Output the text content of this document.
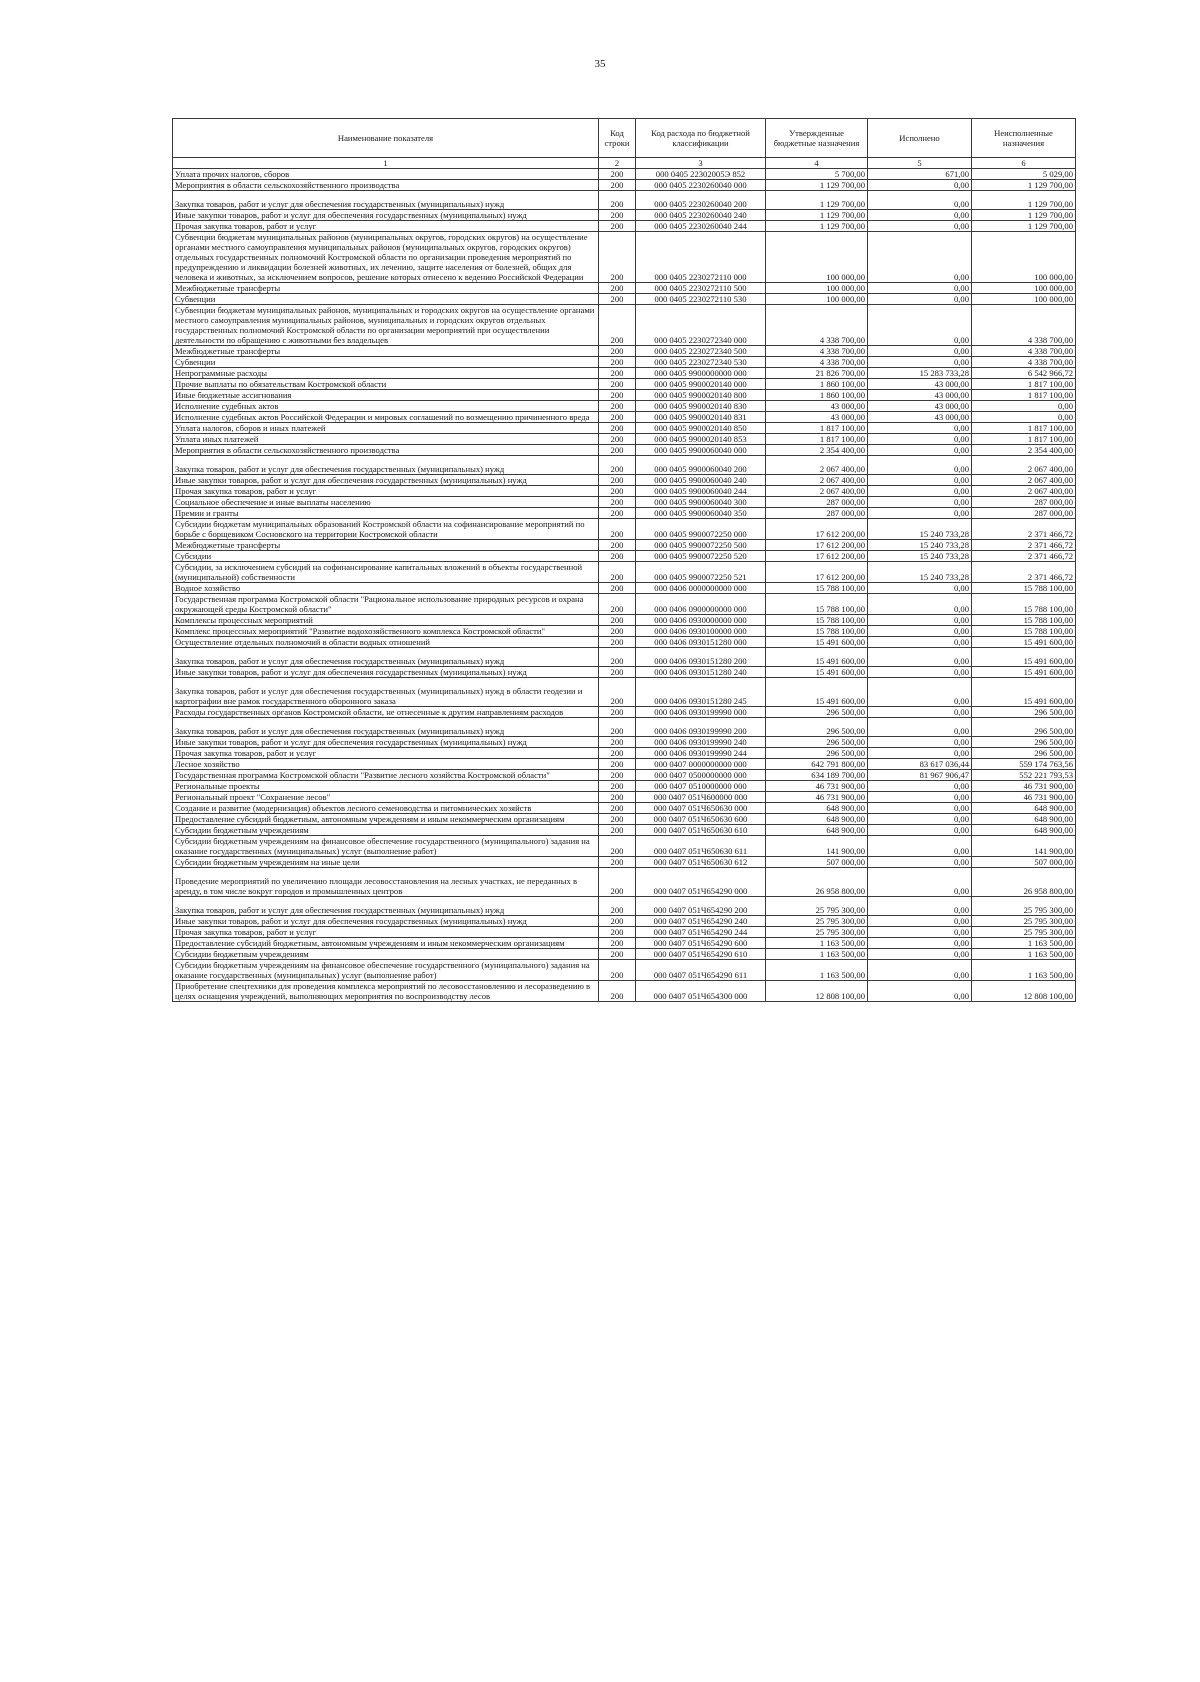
35
Наименование показателя	Код строки	Код расхода по бюджетной классификации	Утвержденные бюджетные назначения	Исполнено	Неисполненные назначения
1	2	3	4	5	6
Уплата прочих налогов, сборов	200	000 0405 22302005Э 852	5 700,00	671,00	5 029,00
Мероприятия в области сельскохозяйственного производства	200	000 0405 2230260040 000	1 129 700,00	0,00	1 129 700,00
Закупка товаров, работ и услуг для обеспечения государственных (муниципальных) нужд	200	000 0405 2230260040 200	1 129 700,00	0,00	1 129 700,00
Иные закупки товаров, работ и услуг для обеспечения государственных (муниципальных) нужд	200	000 0405 2230260040 240	1 129 700,00	0,00	1 129 700,00
Прочая закупка товаров, работ и услуг	200	000 0405 2230260040 244	1 129 700,00	0,00	1 129 700,00
Субвенции бюджетам муниципальных районов (муниципальных округов, городских округов) на осуществление органами местного самоуправления муниципальных районов (муниципальных округов, городских округов) отдельных государственных полномочий Костромской области по организации проведения мероприятий по предупреждению и ликвидации болезней животных, их лечению, защите населения от болезней, общих для человека и животных, за исключением вопросов, решение которых отнесено к ведению Российской Федерации	200	000 0405 2230272110 000	100 000,00	0,00	100 000,00
Межбюджетные трансферты	200	000 0405 2230272110 500	100 000,00	0,00	100 000,00
Субвенции	200	000 0405 2230272110 530	100 000,00	0,00	100 000,00
Субвенции бюджетам муниципальных районов, муниципальных и городских округов на осуществление органами местного самоуправления муниципальных районов, муниципальных и городских округов отдельных государственных полномочий Костромской области по организации мероприятий при осуществлении деятельности по обращению с животными без владельцев	200	000 0405 2230272340 000	4 338 700,00	0,00	4 338 700,00
Межбюджетные трансферты	200	000 0405 2230272340 500	4 338 700,00	0,00	4 338 700,00
Субвенции	200	000 0405 2230272340 530	4 338 700,00	0,00	4 338 700,00
Непрограммные расходы	200	000 0405 9900000000 000	21 826 700,00	15 283 733,28	6 542 966,72
Прочие выплаты по обязательствам Костромской области	200	000 0405 9900020140 000	1 860 100,00	43 000,00	1 817 100,00
Иные бюджетные ассигнования	200	000 0405 9900020140 800	1 860 100,00	43 000,00	1 817 100,00
Исполнение судебных актов	200	000 0405 9900020140 830	43 000,00	43 000,00	0,00
Исполнение судебных актов Российской Федерации и мировых соглашений по возмещению причиненного вреда	200	000 0405 9900020140 831	43 000,00	43 000,00	0,00
Уплата налогов, сборов и иных платежей	200	000 0405 9900020140 850	1 817 100,00	0,00	1 817 100,00
Уплата иных платежей	200	000 0405 9900020140 853	1 817 100,00	0,00	1 817 100,00
Мероприятия в области сельскохозяйственного производства	200	000 0405 9900060040 000	2 354 400,00	0,00	2 354 400,00
Закупка товаров, работ и услуг для обеспечения государственных (муниципальных) нужд	200	000 0405 9900060040 200	2 067 400,00	0,00	2 067 400,00
Иные закупки товаров, работ и услуг для обеспечения государственных (муниципальных) нужд	200	000 0405 9900060040 240	2 067 400,00	0,00	2 067 400,00
Прочая закупка товаров, работ и услуг	200	000 0405 9900060040 244	2 067 400,00	0,00	2 067 400,00
Социальное обеспечение и иные выплаты населению	200	000 0405 9900060040 300	287 000,00	0,00	287 000,00
Премии и гранты	200	000 0405 9900060040 350	287 000,00	0,00	287 000,00
Субсидии бюджетам муниципальных образований Костромской области на софинансирование мероприятий по борьбе с борщевиком Сосновского на территории Костромской области	200	000 0405 9900072250 000	17 612 200,00	15 240 733,28	2 371 466,72
Межбюджетные трансферты	200	000 0405 9900072250 500	17 612 200,00	15 240 733,28	2 371 466,72
Субсидии	200	000 0405 9900072250 520	17 612 200,00	15 240 733,28	2 371 466,72
Субсидии, за исключением субсидий на софинансирование капитальных вложений в объекты государственной (муниципальной) собственности	200	000 0405 9900072250 521	17 612 200,00	15 240 733,28	2 371 466,72
Водное хозяйство	200	000 0406 0000000000 000	15 788 100,00	0,00	15 788 100,00
Государственная программа Костромской области "Рациональное использование природных ресурсов и охрана окружающей среды Костромской области"	200	000 0406 0900000000 000	15 788 100,00	0,00	15 788 100,00
Комплексы процессных мероприятий	200	000 0406 0930000000 000	15 788 100,00	0,00	15 788 100,00
Комплекс процессных мероприятий "Развитие водохозяйственного комплекса Костромской области"	200	000 0406 0930100000 000	15 788 100,00	0,00	15 788 100,00
Осуществление отдельных полномочий в области водных отношений	200	000 0406 0930151280 000	15 491 600,00	0,00	15 491 600,00
Закупка товаров, работ и услуг для обеспечения государственных (муниципальных) нужд	200	000 0406 0930151280 200	15 491 600,00	0,00	15 491 600,00
Иные закупки товаров, работ и услуг для обеспечения государственных (муниципальных) нужд	200	000 0406 0930151280 240	15 491 600,00	0,00	15 491 600,00
Закупка товаров, работ и услуг для обеспечения государственных (муниципальных) нужд в области геодезии и картографии вне рамок государственного оборонного заказа	200	000 0406 0930151280 245	15 491 600,00	0,00	15 491 600,00
Расходы государственных органов Костромской области, не отнесенные к другим направлениям расходов	200	000 0406 0930199990 000	296 500,00	0,00	296 500,00
Закупка товаров, работ и услуг для обеспечения государственных (муниципальных) нужд	200	000 0406 0930199990 200	296 500,00	0,00	296 500,00
Иные закупки товаров, работ и услуг для обеспечения государственных (муниципальных) нужд	200	000 0406 0930199990 240	296 500,00	0,00	296 500,00
Прочая закупка товаров, работ и услуг	200	000 0406 0930199990 244	296 500,00	0,00	296 500,00
Лесное хозяйство	200	000 0407 0000000000 000	642 791 800,00	83 617 036,44	559 174 763,56
Государственная программа Костромской области "Развитие лесного хозяйства Костромской области"	200	000 0407 0500000000 000	634 189 700,00	81 967 906,47	552 221 793,53
Региональные проекты	200	000 0407 0510000000 000	46 731 900,00	0,00	46 731 900,00
Региональный проект "Сохранение лесов"	200	000 0407 051Ч600000 000	46 731 900,00	0,00	46 731 900,00
Создание и развитие (модернизация) объектов лесного семеноводства и питомнических хозяйств	200	000 0407 051Ч650630 000	648 900,00	0,00	648 900,00
Предоставление субсидий бюджетным, автономным учреждениям и иным некоммерческим организациям	200	000 0407 051Ч650630 600	648 900,00	0,00	648 900,00
Субсидии бюджетным учреждениям	200	000 0407 051Ч650630 610	648 900,00	0,00	648 900,00
Субсидии бюджетным учреждениям на финансовое обеспечение государственного (муниципального) задания на оказание государственных (муниципальных) услуг (выполнение работ)	200	000 0407 051Ч650630 611	141 900,00	0,00	141 900,00
Субсидии бюджетным учреждениям на иные цели	200	000 0407 051Ч650630 612	507 000,00	0,00	507 000,00
Проведение мероприятий по увеличению площади лесовосстановления на лесных участках, не переданных в аренду, в том числе вокруг городов и промышленных центров	200	000 0407 051Ч654290 000	26 958 800,00	0,00	26 958 800,00
Закупка товаров, работ и услуг для обеспечения государственных (муниципальных) нужд	200	000 0407 051Ч654290 200	25 795 300,00	0,00	25 795 300,00
Иные закупки товаров, работ и услуг для обеспечения государственных (муниципальных) нужд	200	000 0407 051Ч654290 240	25 795 300,00	0,00	25 795 300,00
Прочая закупка товаров, работ и услуг	200	000 0407 051Ч654290 244	25 795 300,00	0,00	25 795 300,00
Предоставление субсидий бюджетным, автономным учреждениям и иным некоммерческим организациям	200	000 0407 051Ч654290 600	1 163 500,00	0,00	1 163 500,00
Субсидии бюджетным учреждениям	200	000 0407 051Ч654290 610	1 163 500,00	0,00	1 163 500,00
Субсидии бюджетным учреждениям на финансовое обеспечение государственного (муниципального) задания на оказание государственных (муниципальных) услуг (выполнение работ)	200	000 0407 051Ч654290 611	1 163 500,00	0,00	1 163 500,00
Приобретение спецтехники для проведения комплекса мероприятий по лесовосстановлению и лесоразведению в целях оснащения учреждений, выполняющих мероприятия по воспроизводству лесов	200	000 0407 051Ч654300 000	12 808 100,00	0,00	12 808 100,00
